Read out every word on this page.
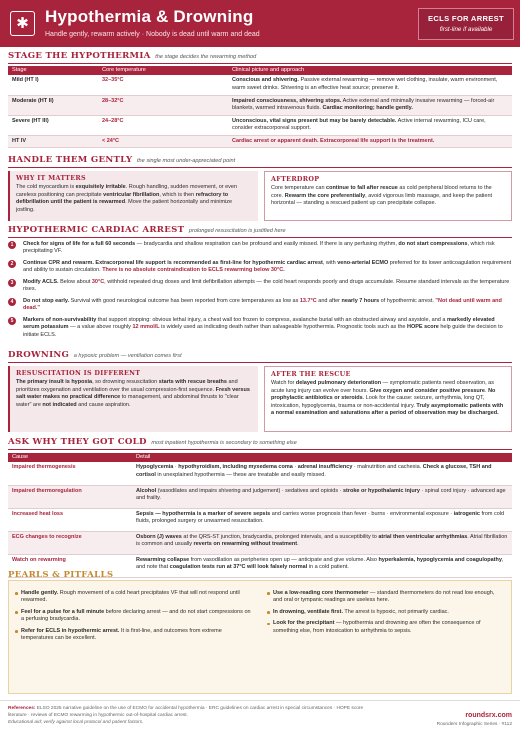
✱ Hypothermia & Drowning
Handle gently, rewarm actively · Nobody is dead until warm and dead
ECLS FOR ARREST
first-line if available
STAGE THE HYPOTHERMIA the stage decides the rewarming method
Stage	Core temperature	Clinical picture and approach
Mild (HT I)	32–35°C	Conscious and shivering. Passive external rewarming — remove wet clothing, insulate, warm environment, warm sweet drinks. Shivering is an effective heat source; preserve it.
Moderate (HT II)	28–32°C	Impaired consciousness, shivering stops. Active external and minimally invasive rewarming — forced-air blankets, warmed intravenous fluids. Cardiac monitoring; handle gently.
Severe (HT III)	24–28°C	Unconscious, vital signs present but may be barely detectable. Active internal rewarming, ICU care, consider extracorporeal support.
HT IV	< 24°C	Cardiac arrest or apparent death. Extracorporeal life support is the treatment.
HANDLE THEM GENTLY the single most under-appreciated point
WHY IT MATTERS

The cold myocardium is exquisitely irritable. Rough handling, sudden movement, or even careless positioning can precipitate ventricular fibrillation, which is then refractory to defibrillation until the patient is rewarmed. Move the patient horizontally and minimize jostling.

AFTERDROP

Core temperature can continue to fall after rescue as cold peripheral blood returns to the core. Rewarm the core preferentially, avoid vigorous limb massage, and keep the patient horizontal — standing a rescued patient up can precipitate collapse.

HYPOTHERMIC CARDIAC ARREST prolonged resuscitation is justified here
1	Check for signs of life for a full 60 seconds — bradycardia and shallow respiration can be profound and easily missed. If there is any perfusing rhythm, do not start compressions, which risk precipitating VF.

2	Continue CPR and rewarm. Extracorporeal life support is recommended as first-line for hypothermic cardiac arrest, with veno-arterial ECMO preferred for its lower anticoagulation requirement and ability to sustain circulation. There is no absolute contraindication to ECLS rewarming below 30°C.

3	Modify ACLS. Below about 30°C, withhold repeated drug doses and limit defibrillation attempts — the cold heart responds poorly and drugs accumulate. Resume standard intervals as the temperature rises.

4	Do not stop early. Survival with good neurological outcome has been reported from core temperatures as low as 13.7°C and after nearly 7 hours of hypothermic arrest. "Not dead until warm and dead."

5	Markers of non-survivability that support stopping: obvious lethal injury, a chest wall too frozen to compress, avalanche burial with an obstructed airway and asystole, and a markedly elevated serum potassium — a value above roughly 12 mmol/L is widely used as indicating death rather than salvageable hypothermia. Prognostic tools such as the HOPE score help guide the decision to initiate ECLS.

DROWNING a hypoxic problem — ventilation comes first
RESUSCITATION IS DIFFERENT

The primary insult is hypoxia, so drowning resuscitation starts with rescue breaths and prioritizes oxygenation and ventilation over the usual compression-first sequence. Fresh versus salt water makes no practical difference to management, and abdominal thrusts to "clear water" are not indicated and cause aspiration.

AFTER THE RESCUE

Watch for delayed pulmonary deterioration — symptomatic patients need observation, as acute lung injury can evolve over hours. Give oxygen and consider positive pressure. No prophylactic antibiotics or steroids. Look for the cause: seizure, arrhythmia, long QT, intoxication, hypoglycemia, trauma or non-accidental injury. Truly asymptomatic patients with a normal examination and saturations after a period of observation may be discharged.

ASK WHY THEY GOT COLD most inpatient hypothermia is secondary to something else
Cause	Detail
Impaired thermogenesis	Hypoglycemia · hypothyroidism, including myxedema coma · adrenal insufficiency · malnutrition and cachexia. Check a glucose, TSH and cortisol in unexplained hypothermia — these are treatable and easily missed.
Impaired thermoregulation	Alcohol (vasodilates and impairs shivering and judgement) · sedatives and opioids · stroke or hypothalamic injury · spinal cord injury · advanced age and frailty.
Increased heat loss	Sepsis — hypothermia is a marker of severe sepsis and carries worse prognosis than fever · burns · environmental exposure · iatrogenic from cold fluids, prolonged surgery or unwarmed resuscitation.
ECG changes to recognize	Osborn (J) waves at the QRS-ST junction, bradycardia, prolonged intervals, and a susceptibility to atrial then ventricular arrhythmias. Atrial fibrillation is common and usually reverts on rewarming without treatment.
Watch on rewarming	Rewarming collapse from vasodilation as peripheries open up — anticipate and give volume. Also hyperkalemia, hypoglycemia and coagulopathy, and note that coagulation tests run at 37°C will look falsely normal in a cold patient.
PEARLS & PITFALLS
Handle gently. Rough movement of a cold heart precipitates VF that will not respond until rewarmed.
Feel for a pulse for a full minute before declaring arrest — and do not start compressions on a perfusing bradycardia.
Refer for ECLS in hypothermic arrest. It is first-line, and outcomes from extreme temperatures can be excellent.
Use a low-reading core thermometer — standard thermometers do not read low enough, and oral or tympanic readings are useless here.
In drowning, ventilate first. The arrest is hypoxic, not primarily cardiac.
Look for the precipitant — hypothermia and drowning are often the consequence of something else, from intoxication to arrhythmia to sepsis.
References: ELSO 2025 narrative guideline on the use of ECMO for accidental hypothermia · ERC guidelines on cardiac arrest in special circumstances · HOPE score
literature · reviews of ECMO rewarming in hypothermic out-of-hospital cardiac arrest.
Educational aid; verify against local protocol and patient factors.
roundsrx.com
Rounders Infographic Series · #112
